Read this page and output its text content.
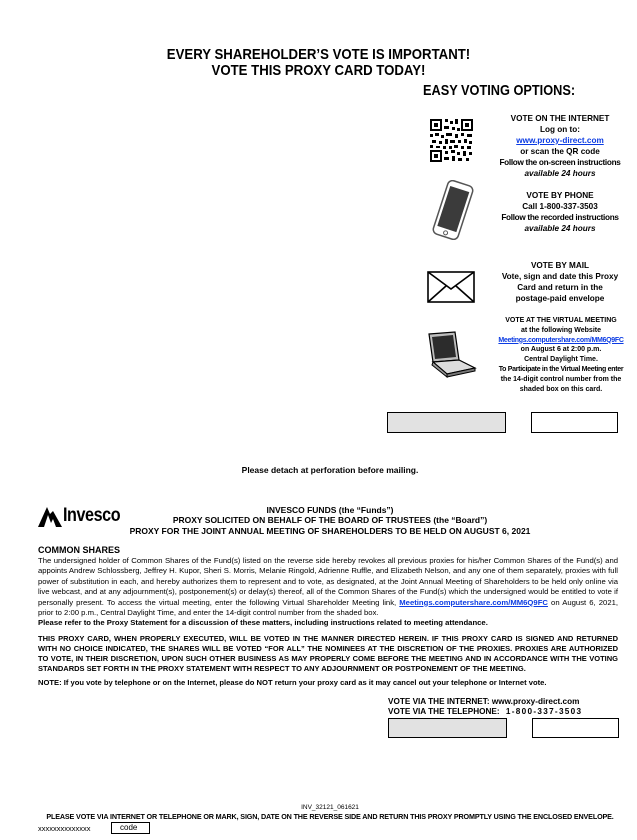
EVERY SHAREHOLDER’S VOTE IS IMPORTANT!
VOTE THIS PROXY CARD TODAY!
EASY VOTING OPTIONS:
VOTE ON THE INTERNET
Log on to:
www.proxy-direct.com
or scan the QR code
Follow the on-screen instructions
available 24 hours
VOTE BY PHONE
Call 1-800-337-3503
Follow the recorded instructions
available 24 hours
VOTE BY MAIL
Vote, sign and date this Proxy
Card and return in the
postage-paid envelope
VOTE AT THE VIRTUAL MEETING
at the following Website
Meetings.computershare.com/MM6Q9FC
on August 6 at 2:00 p.m.
Central Daylight Time.
To Participate in the Virtual Meeting enter
the 14-digit control number from the
shaded box on this card.
Please detach at perforation before mailing.
Invesco	INVESCO FUNDS (the “Funds”)
PROXY SOLICITED ON BEHALF OF THE BOARD OF TRUSTEES (the “Board”)
PROXY FOR THE JOINT ANNUAL MEETING OF SHAREHOLDERS TO BE HELD ON AUGUST 6, 2021
COMMON SHARES
The undersigned holder of Common Shares of the Fund(s) listed on the reverse side hereby revokes all previous proxies for his/her Common Shares of the Fund(s) and appoints Andrew Schlossberg, Jeffrey H. Kupor, Sheri S. Morris, Melanie Ringold, Adrienne Ruffle, and Elizabeth Nelson, and any one of them separately, proxies with full power of substitution in each, and hereby authorizes them to represent and to vote, as designated, at the Joint Annual Meeting of Shareholders to be held only online via live webcast, and at any adjournment(s), postponement(s) or delay(s) thereof, all of the Common Shares of the Fund(s) which the undersigned would be entitled to vote if personally present. To access the virtual meeting, enter the following Virtual Shareholder Meeting link, Meetings.computershare.com/MM6Q9FC on August 6, 2021, prior to 2:00 p.m., Central Daylight Time, and enter the 14-digit control number from the shaded box.
Please refer to the Proxy Statement for a discussion of these matters, including instructions related to meeting attendance.
THIS PROXY CARD, WHEN PROPERLY EXECUTED, WILL BE VOTED IN THE MANNER DIRECTED HEREIN. IF THIS PROXY CARD IS SIGNED AND RETURNED WITH NO CHOICE INDICATED, THE SHARES WILL BE VOTED “FOR ALL” THE NOMINEES AT THE DISCRETION OF THE PROXIES. PROXIES ARE AUTHORIZED TO VOTE, IN THEIR DISCRETION, UPON SUCH OTHER BUSINESS AS MAY PROPERLY COME BEFORE THE MEETING AND IN ACCORDANCE WITH THE VOTING STANDARDS SET FORTH IN THE PROXY STATEMENT WITH RESPECT TO ANY ADJOURNMENT OR POSTPONEMENT OF THE MEETING.
NOTE: If you vote by telephone or on the Internet, please do NOT return your proxy card as it may cancel out your telephone or Internet vote.
VOTE VIA THE INTERNET: www.proxy-direct.com
VOTE VIA THE TELEPHONE: 1-800-337-3503
INV_32121_061621
PLEASE VOTE VIA INTERNET OR TELEPHONE OR MARK, SIGN, DATE ON THE REVERSE SIDE AND RETURN THIS PROXY PROMPTLY USING THE ENCLOSED ENVELOPE.
xxxxxxxxxxxxxx	code
